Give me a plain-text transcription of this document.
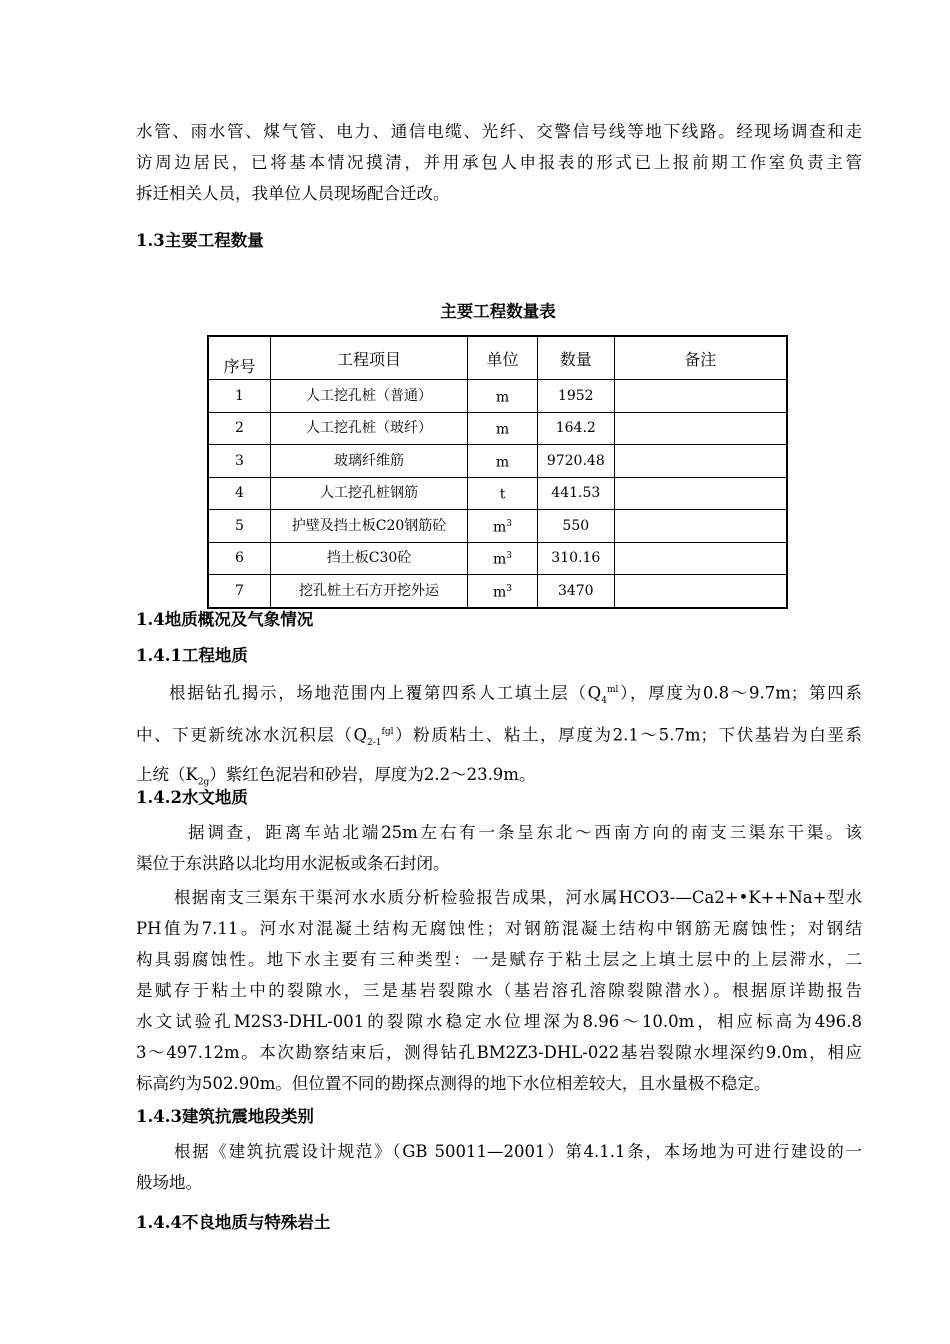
水管、雨水管、煤气管、电力、通信电缆、光纤、交警信号线等地下线路。经现场调查和走
访周边居民，已将基本情况摸清，并用承包人申报表的形式已上报前期工作室负责主管
拆迁相关人员，我单位人员现场配合迁改。
1.3主要工程数量

主要工程数量表

序号	工程项目	单位	数量	备注
1	人工挖孔桩（普通）	m	1952	
2	人工挖孔桩（玻纤）	m	164.2	
3	玻璃纤维筋	m	9720.48	
4	人工挖孔桩钢筋	t	441.53	
5	护壁及挡土板C20钢筋砼	$m^3$	550	
6	挡土板C30砼	$m^3$	310.16	
7	挖孔桩土石方开挖外运	$m^3$	3470	
1.4地质概况及气象情况
1.4.1工程地质
根据钻孔揭示，场地范围内上覆第四系人工填土层$(Q_4^{ml})$，厚度为0.8～9.7m；第四系
中、下更新统冰水沉积层$(Q_{2-1}^{fgl})$粉质粘土、粘土，厚度为2.1～5.7m；下伏基岩为白垩系
上统$(K_{2g})$紫红色泥岩和砂岩，厚度为2.2～23.9m。
1.4.2水文地质
据调查，距离车站北端25m左右有一条呈东北～西南方向的南支三渠东干渠。该
渠位于东洪路以北均用水泥板或条石封闭。
根据南支三渠东干渠河水水质分析检验报告成果，河水属HCO3-—Ca2+•K++Na+型水
PH值为7.11。河水对混凝土结构无腐蚀性；对钢筋混凝土结构中钢筋无腐蚀性；对钢结
构具弱腐蚀性。地下水主要有三种类型：一是赋存于粘土层之上填土层中的上层滞水，二
是赋存于粘土中的裂隙水，三是基岩裂隙水（基岩溶孔溶隙裂隙潜水）。根据原详勘报告
水文试验孔M2S3-DHL-001的裂隙水稳定水位埋深为8.96～10.0m，相应标高为496.8
3～497.12m。本次勘察结束后，测得钻孔BM2Z3-DHL-022基岩裂隙水埋深约9.0m，相应
标高约为502.90m。但位置不同的勘探点测得的地下水位相差较大，且水量极不稳定。
1.4.3建筑抗震地段类别
根据《建筑抗震设计规范》（GB 50011—2001）第4.1.1条，本场地为可进行建设的一
般场地。
1.4.4不良地质与特殊岩土
